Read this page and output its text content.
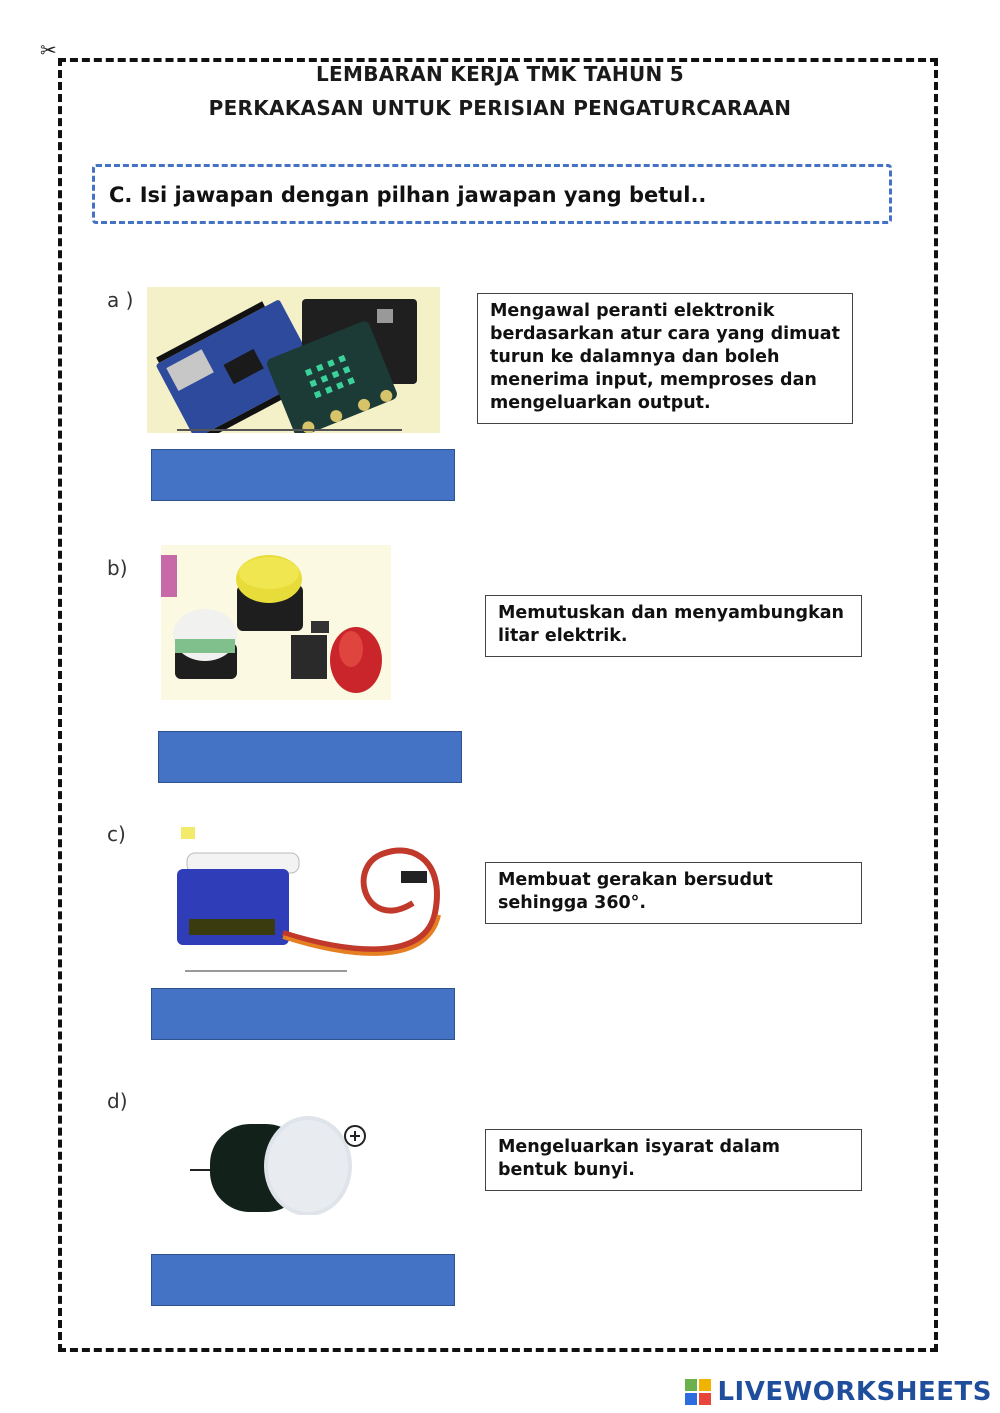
✂
LEMBARAN KERJA TMK TAHUN 5
PERKAKASAN UNTUK PERISIAN PENGATURCARAAN
C. Isi jawapan dengan pilhan jawapan yang betul..
a )	Mengawal peranti elektronik berdasarkan atur cara yang dimuat turun ke dalamnya dan boleh menerima input, memproses dan mengeluarkan output.
b)
Memutuskan dan menyambungkan litar elektrik.
c)
Membuat gerakan bersudut sehingga 360°.
d)
Mengeluarkan isyarat dalam bentuk bunyi.
LIVEWORKSHEETS
